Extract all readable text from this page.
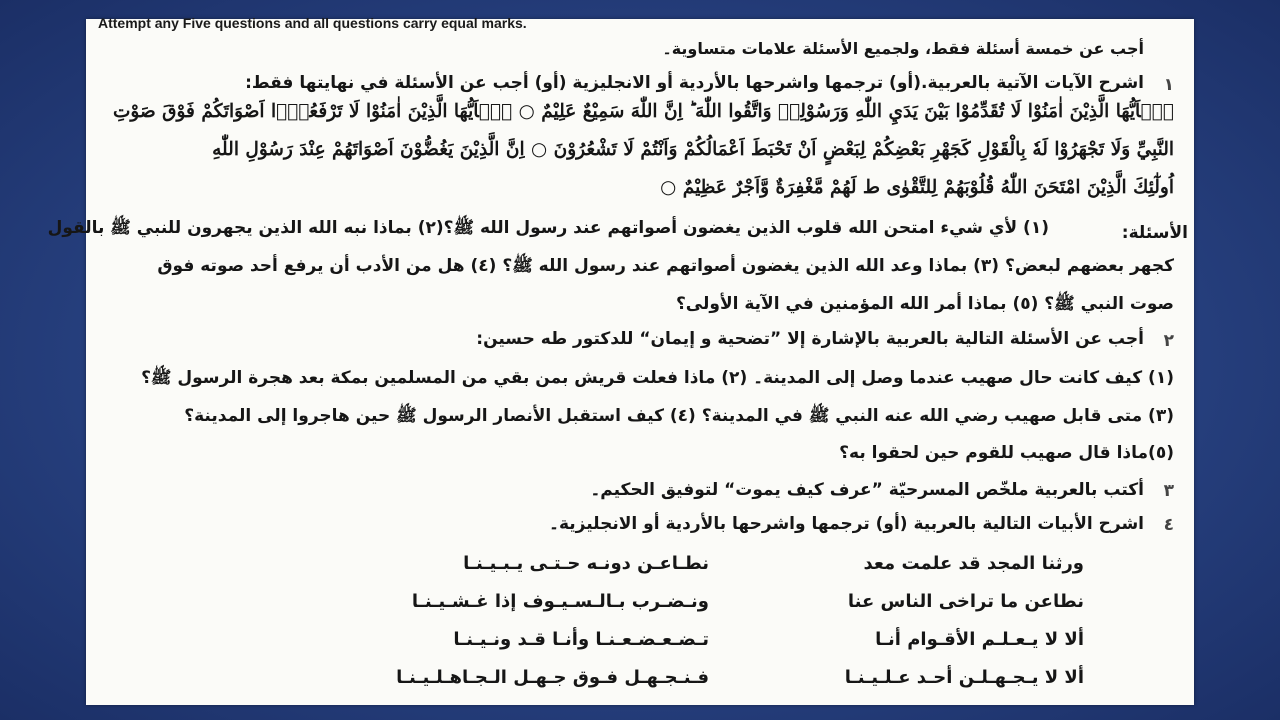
Attempt any Five questions and all questions carry equal marks.
أجب عن خمسة أسئلة فقط، ولجميع الأسئلة علامات متساوية۔
١
اشرح الآيات الآتية بالعربية.(أو) ترجمها واشرحها بالأردية أو الانجليزية (أو) أجب عن الأسئلة في نهايتها فقط:
يٰۤاَيُّهَا الَّذِيْنَ اٰمَنُوْا لَا تُقَدِّمُوْا بَيْنَ يَدَيِ اللّٰهِ وَرَسُوْلِهٖ وَاتَّقُوا اللّٰهَ ؕ اِنَّ اللّٰهَ سَمِيْعٌ عَلِيْمٌ ○ يٰۤاَيُّهَا الَّذِيْنَ اٰمَنُوْا لَا تَرْفَعُوْۤا اَصْوَاتَكُمْ فَوْقَ صَوْتِ
النَّبِيِّ وَلَا تَجْهَرُوْا لَهٗ بِالْقَوْلِ كَجَهْرِ بَعْضِكُمْ لِبَعْضٍ اَنْ تَحْبَطَ اَعْمَالُكُمْ وَاَنْتُمْ لَا تَشْعُرُوْنَ ○ اِنَّ الَّذِيْنَ يَغُضُّوْنَ اَصْوَاتَهُمْ عِنْدَ رَسُوْلِ اللّٰهِ
اُولٰٓئِكَ الَّذِيْنَ امْتَحَنَ اللّٰهُ قُلُوْبَهُمْ لِلتَّقْوٰى ط لَهُمْ مَّغْفِرَةٌ وَّاَجْرٌ عَظِيْمٌ ○
الأسئلة:
(١) لأي شيء امتحن الله قلوب الذين يغضون أصواتهم عند رسول الله ﷺ؟(٢) بماذا نبه الله الذين يجهرون للنبي ﷺ بالقول
كجهر بعضهم لبعض؟ (٣) بماذا وعد الله الذين يغضون أصواتهم عند رسول الله ﷺ؟ (٤) هل من الأدب أن يرفع أحد صوته فوق
صوت النبي ﷺ؟ (٥) بماذا أمر الله المؤمنين في الآية الأولى؟
٢
أجب عن الأسئلة التالية بالعربية بالإشارة إلا ”تضحية و إيمان“ للدكتور طه حسين:
(١) كيف كانت حال صهيب عندما وصل إلى المدينة۔ (٢) ماذا فعلت قريش بمن بقي من المسلمين بمكة بعد هجرة الرسول ﷺ؟
(٣) متى قابل صهيب رضي الله عنه النبي ﷺ في المدينة؟ (٤) كيف استقبل الأنصار الرسول ﷺ حين هاجروا إلى المدينة؟
(٥)ماذا قال صهيب للقوم حين لحقوا به؟
٣
أكتب بالعربية ملخّص المسرحيّة ”عرف كيف يموت“ لتوفيق الحكيم۔
٤
اشرح الأبيات التالية بالعربية (أو) ترجمها واشرحها بالأردية أو الانجليزية۔
ورثنا المجد قد علمت معد
نطـاعـن دونـه حـتـى يـبـيـنـا
نطاعن ما تراخى الناس عنا
ونـضـرب بـالـسـيـوف إذا غـشـيـنـا
ألا لا يـعـلـم الأقـوام أنـا
تـضـعـضـعـنـا وأنـا قـد ونـيـنـا
ألا لا يـجـهـلـن أحـد عـلـيـنـا
فـنـجـهـل فـوق جـهـل الـجـاهـلـيـنـا
